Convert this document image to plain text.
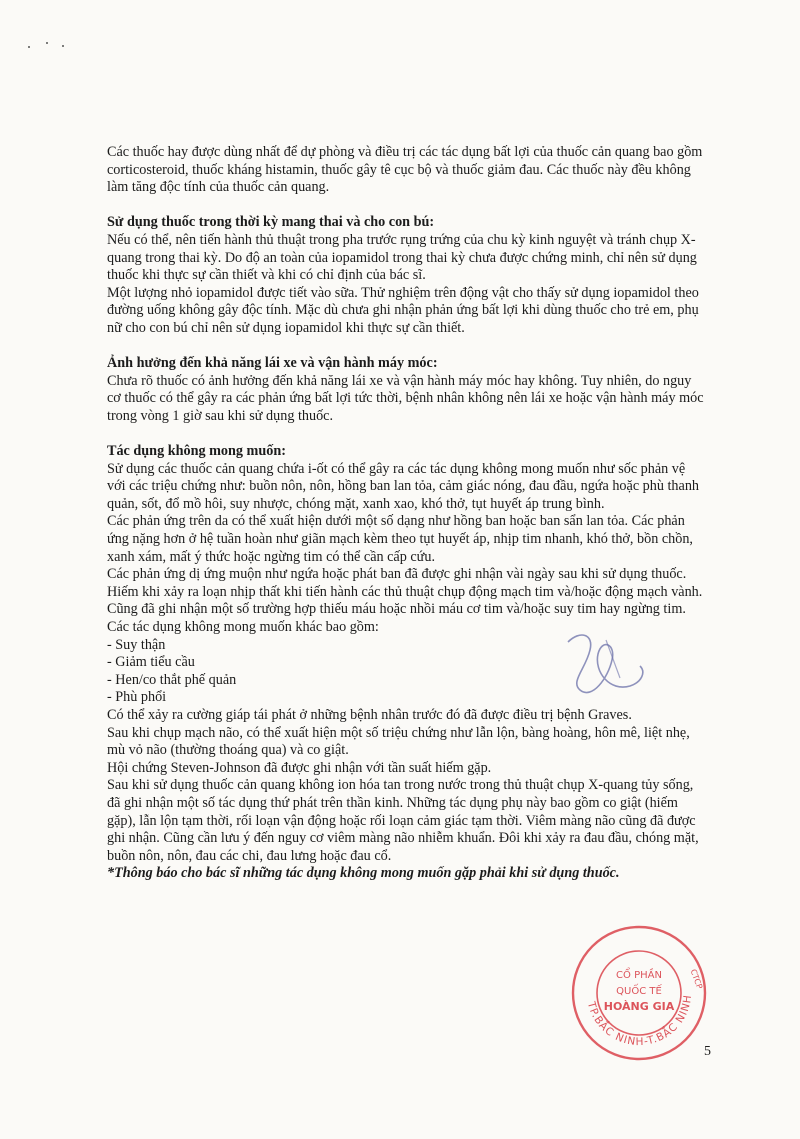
Các thuốc hay được dùng nhất để dự phòng và điều trị các tác dụng bất lợi của thuốc cản quang bao gồm corticosteroid, thuốc kháng histamin, thuốc gây tê cục bộ và thuốc giảm đau. Các thuốc này đều không làm tăng độc tính của thuốc cản quang.

Sử dụng thuốc trong thời kỳ mang thai và cho con bú:

Nếu có thể, nên tiến hành thủ thuật trong pha trước rụng trứng của chu kỳ kinh nguyệt và tránh chụp X-quang trong thai kỳ. Do độ an toàn của iopamidol trong thai kỳ chưa được chứng minh, chỉ nên sử dụng thuốc khi thực sự cần thiết và khi có chỉ định của bác sĩ.

Một lượng nhỏ iopamidol được tiết vào sữa. Thử nghiệm trên động vật cho thấy sử dụng iopamidol theo đường uống không gây độc tính. Mặc dù chưa ghi nhận phản ứng bất lợi khi dùng thuốc cho trẻ em, phụ nữ cho con bú chỉ nên sử dụng iopamidol khi thực sự cần thiết.

Ảnh hưởng đến khả năng lái xe và vận hành máy móc:

Chưa rõ thuốc có ảnh hưởng đến khả năng lái xe và vận hành máy móc hay không. Tuy nhiên, do nguy cơ thuốc có thể gây ra các phản ứng bất lợi tức thời, bệnh nhân không nên lái xe hoặc vận hành máy móc trong vòng 1 giờ sau khi sử dụng thuốc.

Tác dụng không mong muốn:

Sử dụng các thuốc cản quang chứa i-ốt có thể gây ra các tác dụng không mong muốn như sốc phản vệ với các triệu chứng như: buồn nôn, nôn, hồng ban lan tỏa, cảm giác nóng, đau đầu, ngứa hoặc phù thanh quản, sốt, đổ mồ hôi, suy nhược, chóng mặt, xanh xao, khó thở, tụt huyết áp trung bình.

Các phản ứng trên da có thể xuất hiện dưới một số dạng như hồng ban hoặc ban sẩn lan tỏa. Các phản ứng nặng hơn ở hệ tuần hoàn như giãn mạch kèm theo tụt huyết áp, nhịp tim nhanh, khó thở, bồn chồn, xanh xám, mất ý thức hoặc ngừng tim có thể cần cấp cứu.

Các phản ứng dị ứng muộn như ngứa hoặc phát ban đã được ghi nhận vài ngày sau khi sử dụng thuốc.

Hiếm khi xảy ra loạn nhịp thất khi tiến hành các thủ thuật chụp động mạch tim và/hoặc động mạch vành.

Cũng đã ghi nhận một số trường hợp thiếu máu hoặc nhồi máu cơ tim và/hoặc suy tim hay ngừng tim.

Các tác dụng không mong muốn khác bao gồm:

- Suy thận

- Giảm tiểu cầu

- Hen/co thắt phế quản

- Phù phổi

Có thể xảy ra cường giáp tái phát ở những bệnh nhân trước đó đã được điều trị bệnh Graves.

Sau khi chụp mạch não, có thể xuất hiện một số triệu chứng như lẫn lộn, bàng hoàng, hôn mê, liệt nhẹ, mù vỏ não (thường thoáng qua) và co giật.

Hội chứng Steven-Johnson đã được ghi nhận với tần suất hiếm gặp.

Sau khi sử dụng thuốc cản quang không ion hóa tan trong nước trong thủ thuật chụp X-quang tủy sống, đã ghi nhận một số tác dụng thứ phát trên thần kinh. Những tác dụng phụ này bao gồm co giật (hiếm gặp), lẫn lộn tạm thời, rối loạn vận động hoặc rối loạn cảm giác tạm thời. Viêm màng não cũng đã được ghi nhận. Cũng cần lưu ý đến nguy cơ viêm màng não nhiễm khuẩn. Đôi khi xảy ra đau đầu, chóng mặt, buồn nôn, nôn, đau các chi, đau lưng hoặc đau cổ.

*Thông báo cho bác sĩ những tác dụng không mong muốn gặp phải khi sử dụng thuốc.

TP.BẮC NINH-T.BẮC NINH
CỔ PHẦN
QUỐC TẾ
HOÀNG GIA
CTCP
5
